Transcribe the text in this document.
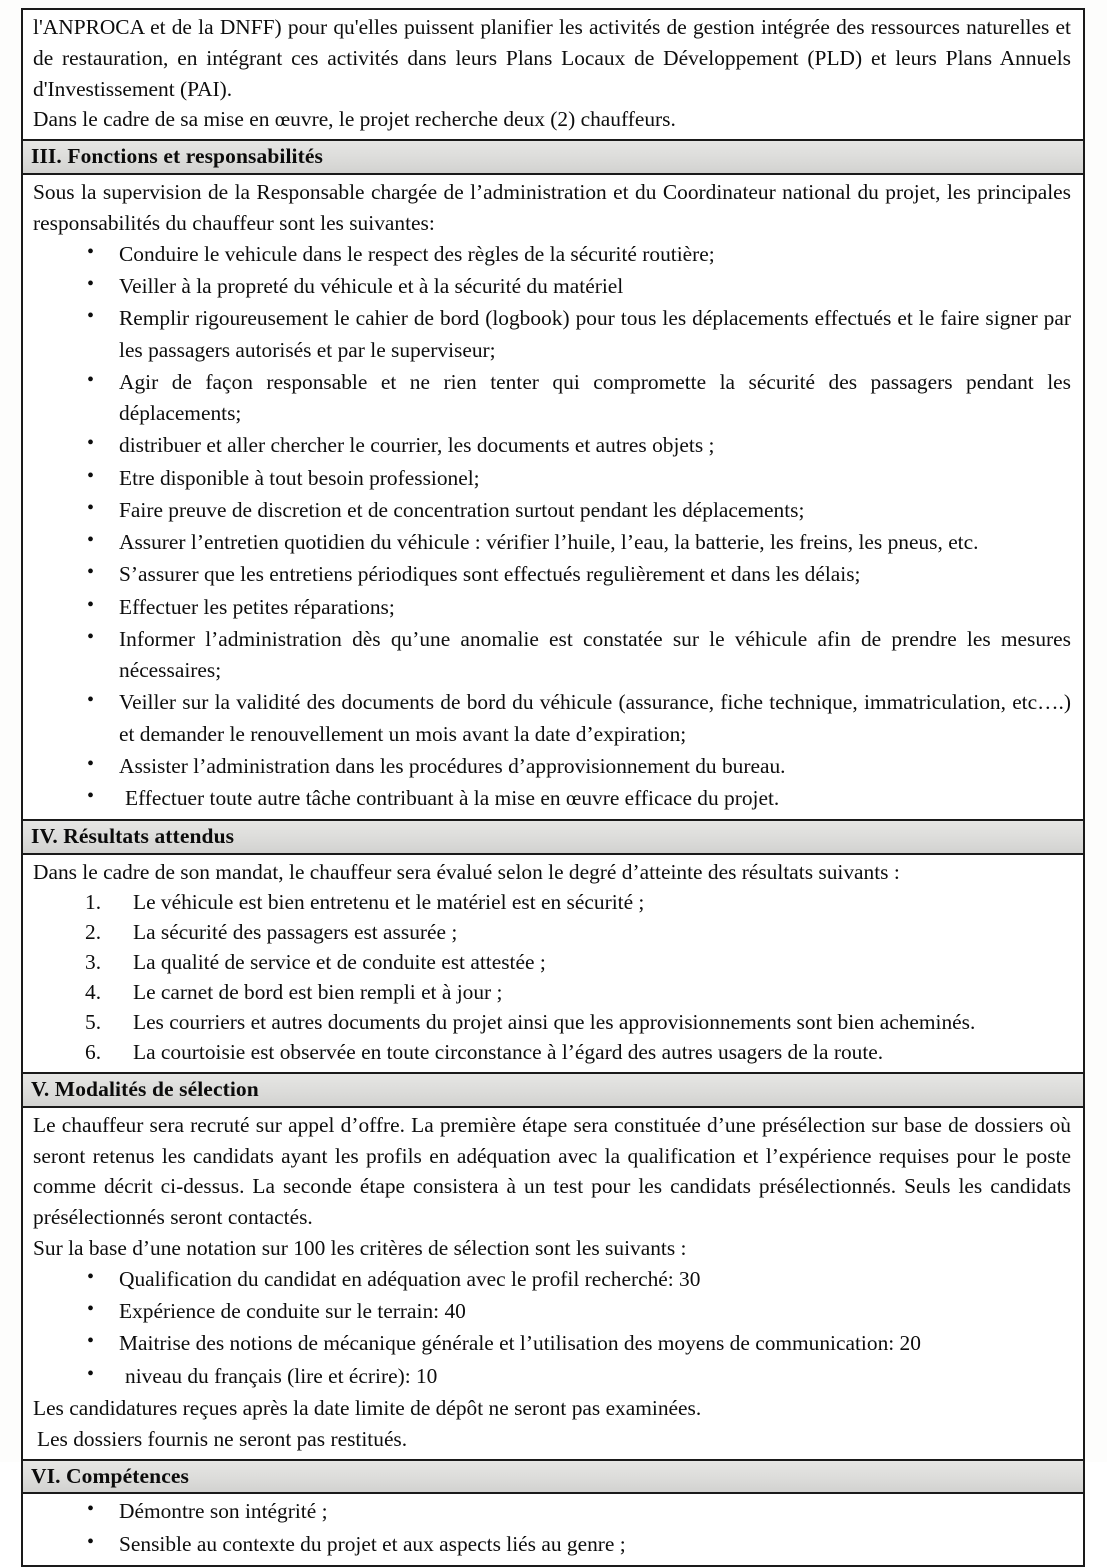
l'ANPROCA et de la DNFF) pour qu'elles puissent planifier les activités de gestion intégrée des ressources naturelles et de restauration, en intégrant ces activités dans leurs Plans Locaux de Développement (PLD) et leurs Plans Annuels d'Investissement (PAI).

Dans le cadre de sa mise en œuvre, le projet recherche deux (2) chauffeurs.

III. Fonctions et responsabilités

Sous la supervision de la Responsable chargée de l’administration et du Coordinateur national du projet, les principales responsabilités du chauffeur sont les suivantes:

• Conduire le vehicule dans le respect des règles de la sécurité routière;
• Veiller à la propreté du véhicule et à la sécurité du matériel
• Remplir rigoureusement le cahier de bord (logbook) pour tous les déplacements effectués et le faire signer par les passagers autorisés et par le superviseur;
• Agir de façon responsable et ne rien tenter qui compromette la sécurité des passagers pendant les déplacements;
• distribuer et aller chercher le courrier, les documents et autres objets ;
• Etre disponible à tout besoin professionel;
• Faire preuve de discretion et de concentration surtout pendant les déplacements;
• Assurer l’entretien quotidien du véhicule : vérifier l’huile, l’eau, la batterie, les freins, les pneus, etc.
• S’assurer que les entretiens périodiques sont effectués regulièrement et dans les délais;
• Effectuer les petites réparations;
• Informer l’administration dès qu’une anomalie est constatée sur le véhicule afin de prendre les mesures nécessaires;
• Veiller sur la validité des documents de bord du véhicule (assurance, fiche technique, immatriculation, etc….) et demander le renouvellement un mois avant la date d’expiration;
• Assister l’administration dans les procédures d’approvisionnement du bureau.
• Effectuer toute autre tâche contribuant à la mise en œuvre efficace du projet.
IV. Résultats attendus

Dans le cadre de son mandat, le chauffeur sera évalué selon le degré d’atteinte des résultats suivants :

Le véhicule est bien entretenu et le matériel est en sécurité ;
La sécurité des passagers est assurée ;
La qualité de service et de conduite est attestée ;
Le carnet de bord est bien rempli et à jour ;
Les courriers et autres documents du projet ainsi que les approvisionnements sont bien acheminés.
La courtoisie est observée en toute circonstance à l’égard des autres usagers de la route.
V. Modalités de sélection

Le chauffeur sera recruté sur appel d’offre. La première étape sera constituée d’une présélection sur base de dossiers où seront retenus les candidats ayant les profils en adéquation avec la qualification et l’expérience requises pour le poste comme décrit ci-dessus. La seconde étape consistera à un test pour les candidats présélectionnés. Seuls les candidats présélectionnés seront contactés.

Sur la base d’une notation sur 100 les critères de sélection sont les suivants :

• Qualification du candidat en adéquation avec le profil recherché: 30
• Expérience de conduite sur le terrain: 40
• Maitrise des notions de mécanique générale et l’utilisation des moyens de communication: 20
• niveau du français (lire et écrire): 10

Les candidatures reçues après la date limite de dépôt ne seront pas examinées.

Les dossiers fournis ne seront pas restitués.

VI. Compétences
• Démontre son intégrité ;
• Sensible au contexte du projet et aux aspects liés au genre ;
